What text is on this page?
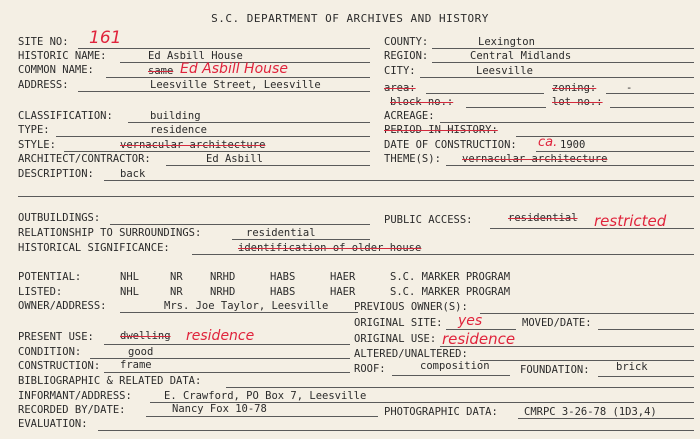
S.C. DEPARTMENT OF ARCHIVES AND HISTORY
SITE NO: 161
HISTORIC NAME:	Ed Asbill House
COMMON NAME:	same Ed Asbill House
ADDRESS:	Leesville Street, Leesville
COUNTY:	Lexington
REGION:	Central Midlands
CITY:	Leesville
area:	zoning:	-
block no.:	lot no.:
CLASSIFICATION:	building
TYPE:	residence
STYLE:	vernacular architecture
ARCHITECT/CONTRACTOR:	Ed Asbill
DESCRIPTION: back
ACREAGE:
PERIOD IN HISTORY:
DATE OF CONSTRUCTION: ca. 1900
THEME(S): vernacular architecture
OUTBUILDINGS:	PUBLIC ACCESS:	residential restricted
RELATIONSHIP TO SURROUNDINGS:	residential
HISTORICAL SIGNIFICANCE:	identification of older house
POTENTIAL:	NHL	NR	NRHD	HABS	HAER	S.C. MARKER PROGRAM
LISTED:	NHL	NR	NRHD	HABS	HAER	S.C. MARKER PROGRAM
OWNER/ADDRESS:	Mrs. Joe Taylor, Leesville PREVIOUS OWNER(S):
ORIGINAL SITE: yes	MOVED/DATE:
PRESENT USE: dwelling residence	ORIGINAL USE: residence
CONDITION:	good	ALTERED/UNALTERED:
CONSTRUCTION: frame	ROOF:	composition	FOUNDATION:	brick
BIBLIOGRAPHIC & RELATED DATA:
INFORMANT/ADDRESS:	E. Crawford, PO Box 7, Leesville
RECORDED BY/DATE:	Nancy Fox 10-78	PHOTOGRAPHIC DATA: CMRPC 3-26-78 (1D3,4)
EVALUATION:
